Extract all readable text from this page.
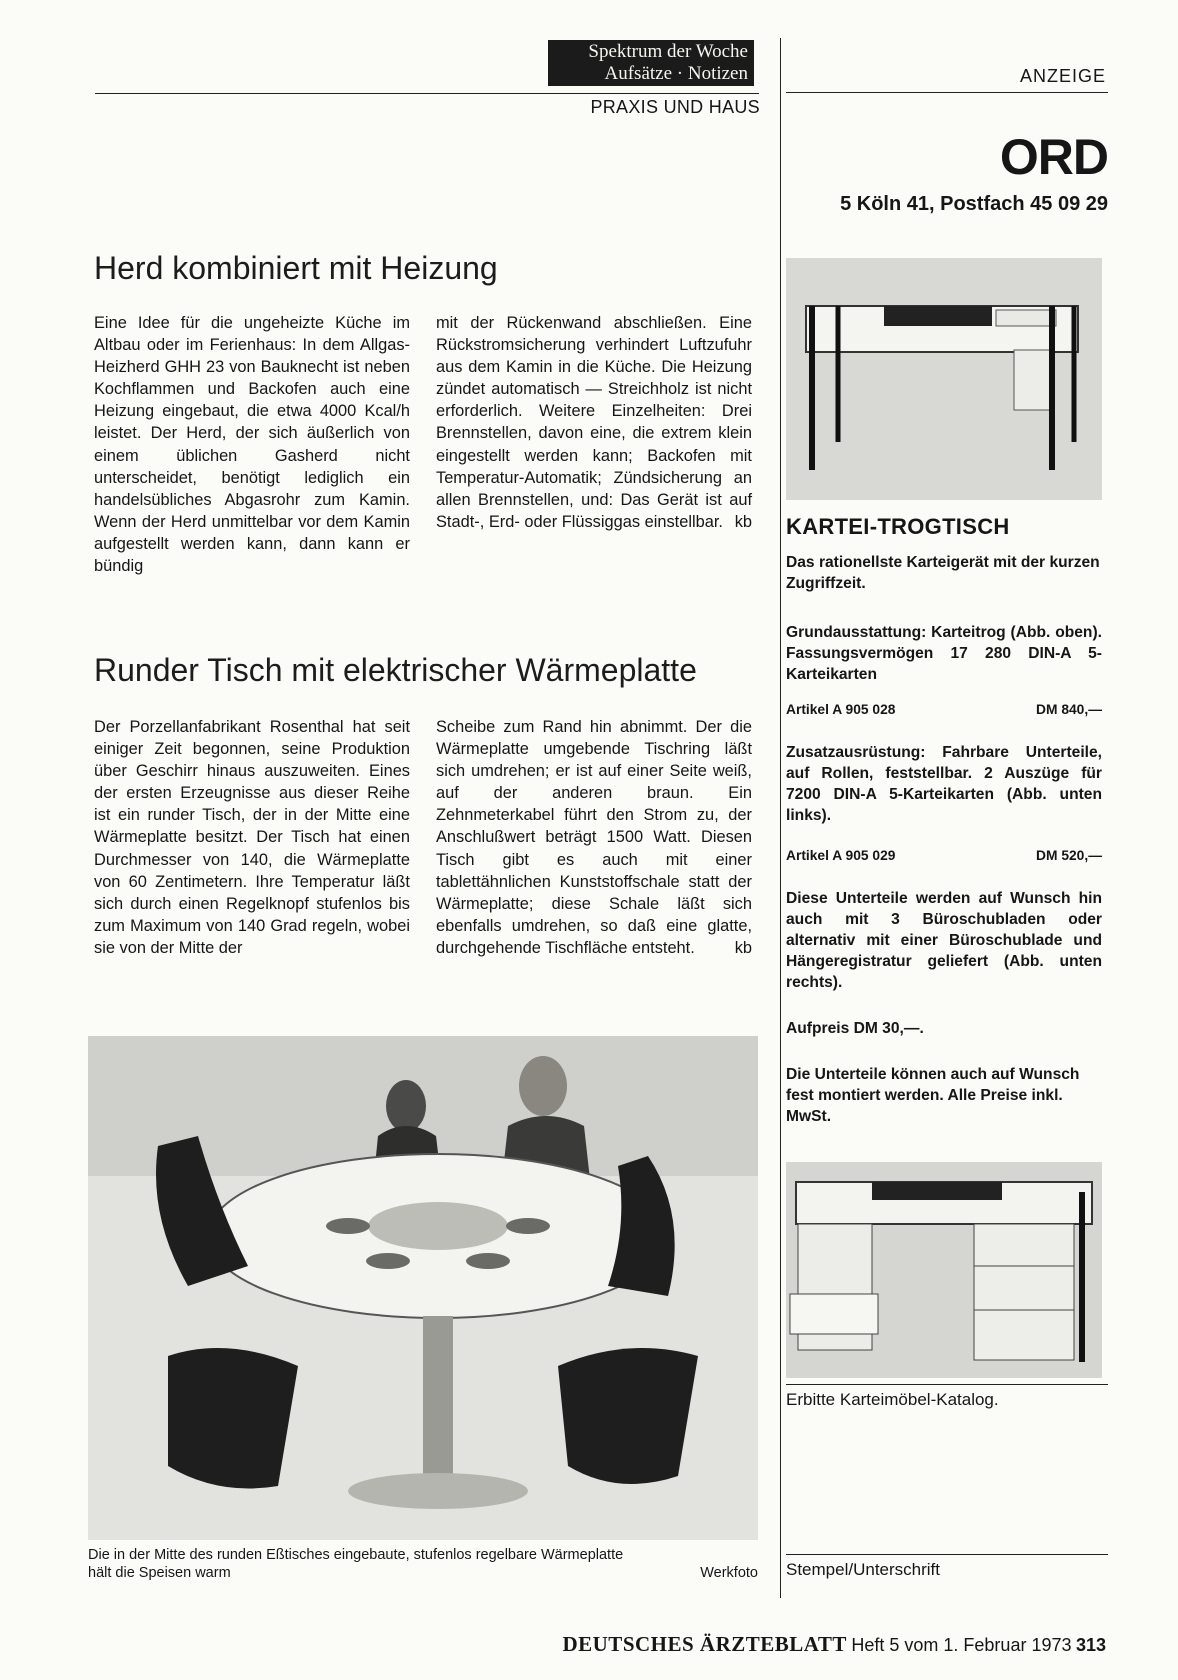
Spektrum der Woche
Aufsätze · Notizen
PRAXIS UND HAUS
Herd kombiniert mit Heizung

Eine Idee für die ungeheizte Küche im Altbau oder im Ferienhaus: In dem Allgas-Heizherd GHH 23 von Bauknecht ist neben Kochflammen und Backofen auch eine Heizung eingebaut, die etwa 4000 Kcal/h leistet. Der Herd, der sich äußerlich von einem üblichen Gasherd nicht unterscheidet, benötigt lediglich ein handelsübliches Abgasrohr zum Kamin. Wenn der Herd unmittelbar vor dem Kamin aufgestellt werden kann, dann kann er bündig

mit der Rückenwand abschließen. Eine Rückstromsicherung verhindert Luftzufuhr aus dem Kamin in die Küche. Die Heizung zündet automatisch — Streichholz ist nicht erforderlich. Weitere Einzelheiten: Drei Brennstellen, davon eine, die extrem klein eingestellt werden kann; Backofen mit Temperatur-Automatik; Zündsicherung an allen Brennstellen, und: Das Gerät ist auf Stadt-, Erd- oder Flüssiggas einstellbar. kb

Runder Tisch mit elektrischer Wärmeplatte

Der Porzellanfabrikant Rosenthal hat seit einiger Zeit begonnen, seine Produktion über Geschirr hinaus auszuweiten. Eines der ersten Erzeugnisse aus dieser Reihe ist ein runder Tisch, der in der Mitte eine Wärmeplatte besitzt. Der Tisch hat einen Durchmesser von 140, die Wärmeplatte von 60 Zentimetern. Ihre Temperatur läßt sich durch einen Regelknopf stufenlos bis zum Maximum von 140 Grad regeln, wobei sie von der Mitte der

Scheibe zum Rand hin abnimmt. Der die Wärmeplatte umgebende Tischring läßt sich umdrehen; er ist auf einer Seite weiß, auf der anderen braun. Ein Zehnmeterkabel führt den Strom zu, der Anschlußwert beträgt 1500 Watt. Diesen Tisch gibt es auch mit einer tablettähnlichen Kunststoffschale statt der Wärmeplatte; diese Schale läßt sich ebenfalls umdrehen, so daß eine glatte, durchgehende Tischfläche entsteht.	kb

Die in der Mitte des runden Eßtisches eingebaute, stufenlos regelbare Wärmeplatte
hält die Speisen warm	Werkfoto
ANZEIGE
ORD
5 Köln 41, Postfach 45 09 29
KARTEI-TROGTISCH
Das rationellste Karteigerät mit der kurzen Zugriffzeit.
Grundausstattung: Karteitrog (Abb. oben). Fassungsvermögen 17 280 DIN-A 5-Karteikarten
Artikel A 905 028	DM 840,—
Zusatzausrüstung: Fahrbare Unterteile, auf Rollen, feststellbar. 2 Auszüge für 7200 DIN-A 5-Karteikarten (Abb. unten links).
Artikel A 905 029	DM 520,—
Diese Unterteile werden auf Wunsch hin auch mit 3 Büroschubladen oder alternativ mit einer Büroschublade und Hängeregistratur geliefert (Abb. unten rechts).
Aufpreis DM 30,—.
Die Unterteile können auch auf Wunsch fest montiert werden. Alle Preise inkl. MwSt.
Erbitte Karteimöbel-Katalog.
Stempel/Unterschrift
DEUTSCHES ÄRZTEBLATT Heft 5 vom 1. Februar 1973 313
